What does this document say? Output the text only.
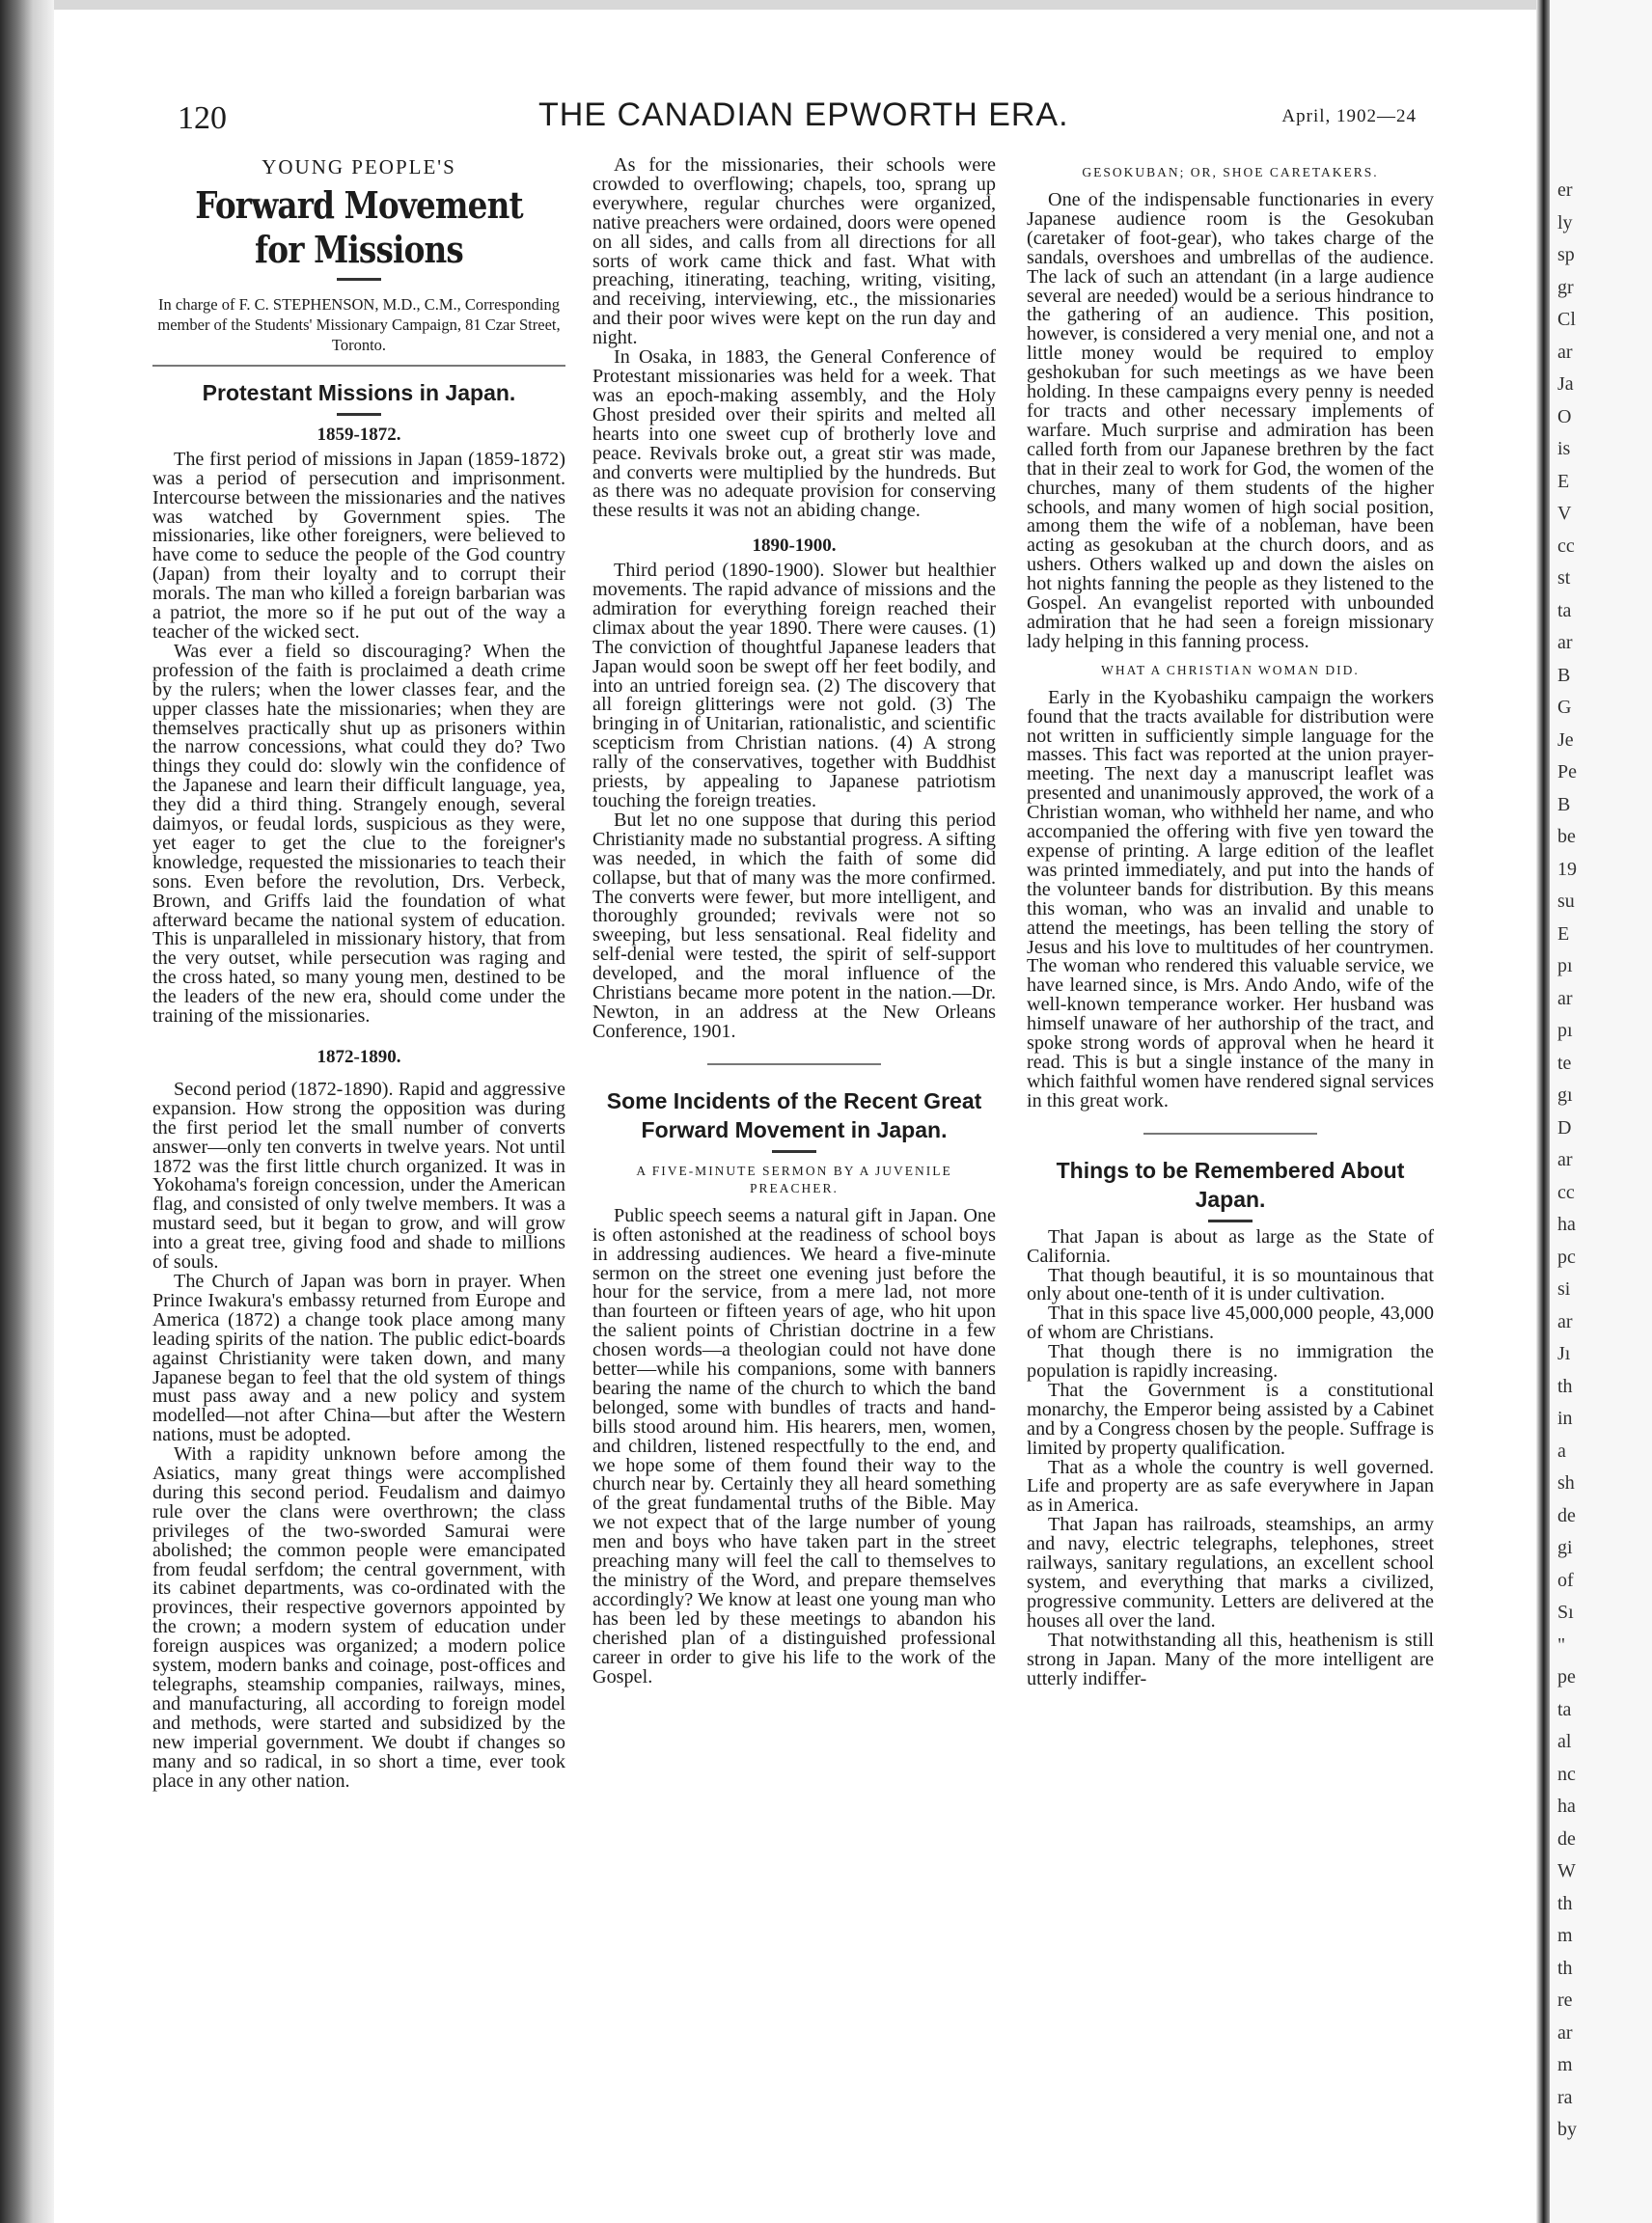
120	THE CANADIAN EPWORTH ERA.	April, 1902—24
YOUNG PEOPLE'S
Forward Movement for Missions
In charge of F. C. STEPHENSON, M.D., C.M., Corresponding member of the Students' Missionary Campaign, 81 Czar Street, Toronto.
Protestant Missions in Japan.
1859-1872.

The first period of missions in Japan (1859-1872) was a period of persecution and imprisonment. Intercourse between the missionaries and the natives was watched by Government spies. The missionaries, like other foreigners, were believed to have come to seduce the people of the God country (Japan) from their loyalty and to corrupt their morals. The man who killed a foreign barbarian was a patriot, the more so if he put out of the way a teacher of the wicked sect.

Was ever a field so discouraging? When the profession of the faith is proclaimed a death crime by the rulers; when the lower classes fear, and the upper classes hate the missionaries; when they are themselves practically shut up as prisoners within the narrow concessions, what could they do? Two things they could do: slowly win the confidence of the Japanese and learn their difficult language, yea, they did a third thing. Strangely enough, several daimyos, or feudal lords, suspicious as they were, yet eager to get the clue to the foreigner's knowledge, requested the missionaries to teach their sons. Even before the revolution, Drs. Verbeck, Brown, and Griffs laid the foundation of what afterward became the national system of education. This is unparalleled in missionary history, that from the very outset, while persecution was raging and the cross hated, so many young men, destined to be the leaders of the new era, should come under the training of the missionaries.

1872-1890.

Second period (1872-1890). Rapid and aggressive expansion. How strong the opposition was during the first period let the small number of converts answer—only ten converts in twelve years. Not until 1872 was the first little church organized. It was in Yokohama's foreign concession, under the American flag, and consisted of only twelve members. It was a mustard seed, but it began to grow, and will grow into a great tree, giving food and shade to millions of souls.

The Church of Japan was born in prayer. When Prince Iwakura's embassy returned from Europe and America (1872) a change took place among many leading spirits of the nation. The public edict-boards against Christianity were taken down, and many Japanese began to feel that the old system of things must pass away and a new policy and system modelled—not after China—but after the Western nations, must be adopted.

With a rapidity unknown before among the Asiatics, many great things were accomplished during this second period. Feudalism and daimyo rule over the clans were overthrown; the class privileges of the two-sworded Samurai were abolished; the common people were emancipated from feudal serfdom; the central government, with its cabinet departments, was co-ordinated with the provinces, their respective governors appointed by the crown; a modern system of education under foreign auspices was organized; a modern police system, modern banks and coinage, post-offices and telegraphs, steamship companies, railways, mines, and manufacturing, all according to foreign model and methods, were started and subsidized by the new imperial government. We doubt if changes so many and so radical, in so short a time, ever took place in any other nation.

As for the missionaries, their schools were crowded to overflowing; chapels, too, sprang up everywhere, regular churches were organized, native preachers were ordained, doors were opened on all sides, and calls from all directions for all sorts of work came thick and fast. What with preaching, itinerating, teaching, writing, visiting, and receiving, interviewing, etc., the missionaries and their poor wives were kept on the run day and night.

In Osaka, in 1883, the General Conference of Protestant missionaries was held for a week. That was an epoch-making assembly, and the Holy Ghost presided over their spirits and melted all hearts into one sweet cup of brotherly love and peace. Revivals broke out, a great stir was made, and converts were multiplied by the hundreds. But as there was no adequate provision for conserving these results it was not an abiding change.

1890-1900.

Third period (1890-1900). Slower but healthier movements. The rapid advance of missions and the admiration for everything foreign reached their climax about the year 1890. There were causes. (1) The conviction of thoughtful Japanese leaders that Japan would soon be swept off her feet bodily, and into an untried foreign sea. (2) The discovery that all foreign glitterings were not gold. (3) The bringing in of Unitarian, rationalistic, and scientific scepticism from Christian nations. (4) A strong rally of the conservatives, together with Buddhist priests, by appealing to Japanese patriotism touching the foreign treaties.

But let no one suppose that during this period Christianity made no substantial progress. A sifting was needed, in which the faith of some did collapse, but that of many was the more confirmed. The converts were fewer, but more intelligent, and thoroughly grounded; revivals were not so sweeping, but less sensational. Real fidelity and self-denial were tested, the spirit of self-support developed, and the moral influence of the Christians became more potent in the nation.—Dr. Newton, in an address at the New Orleans Conference, 1901.

Some Incidents of the Recent Great Forward Movement in Japan.
A FIVE-MINUTE SERMON BY A JUVENILE PREACHER.

Public speech seems a natural gift in Japan. One is often astonished at the readiness of school boys in addressing audiences. We heard a five-minute sermon on the street one evening just before the hour for the service, from a mere lad, not more than fourteen or fifteen years of age, who hit upon the salient points of Christian doctrine in a few chosen words—a theologian could not have done better—while his companions, some with banners bearing the name of the church to which the band belonged, some with bundles of tracts and hand-bills stood around him. His hearers, men, women, and children, listened respectfully to the end, and we hope some of them found their way to the church near by. Certainly they all heard something of the great fundamental truths of the Bible. May we not expect that of the large number of young men and boys who have taken part in the street preaching many will feel the call to themselves to the ministry of the Word, and prepare themselves accordingly? We know at least one young man who has been led by these meetings to abandon his cherished plan of a distinguished professional career in order to give his life to the work of the Gospel.

GESOKUBAN; OR, SHOE CARETAKERS.

One of the indispensable functionaries in every Japanese audience room is the Gesokuban (caretaker of foot-gear), who takes charge of the sandals, overshoes and umbrellas of the audience. The lack of such an attendant (in a large audience several are needed) would be a serious hindrance to the gathering of an audience. This position, however, is considered a very menial one, and not a little money would be required to employ geshokuban for such meetings as we have been holding. In these campaigns every penny is needed for tracts and other necessary implements of warfare. Much surprise and admiration has been called forth from our Japanese brethren by the fact that in their zeal to work for God, the women of the churches, many of them students of the higher schools, and many women of high social position, among them the wife of a nobleman, have been acting as gesokuban at the church doors, and as ushers. Others walked up and down the aisles on hot nights fanning the people as they listened to the Gospel. An evangelist reported with unbounded admiration that he had seen a foreign missionary lady helping in this fanning process.

WHAT A CHRISTIAN WOMAN DID.

Early in the Kyobashiku campaign the workers found that the tracts available for distribution were not written in sufficiently simple language for the masses. This fact was reported at the union prayer-meeting. The next day a manuscript leaflet was presented and unanimously approved, the work of a Christian woman, who withheld her name, and who accompanied the offering with five yen toward the expense of printing. A large edition of the leaflet was printed immediately, and put into the hands of the volunteer bands for distribution. By this means this woman, who was an invalid and unable to attend the meetings, has been telling the story of Jesus and his love to multitudes of her countrymen. The woman who rendered this valuable service, we have learned since, is Mrs. Ando Ando, wife of the well-known temperance worker. Her husband was himself unaware of her authorship of the tract, and spoke strong words of approval when he heard it read. This is but a single instance of the many in which faithful women have rendered signal services in this great work.

Things to be Remembered About Japan.

That Japan is about as large as the State of California.

That though beautiful, it is so mountainous that only about one-tenth of it is under cultivation.

That in this space live 45,000,000 people, 43,000 of whom are Christians.

That though there is no immigration the population is rapidly increasing.

That the Government is a constitutional monarchy, the Emperor being assisted by a Cabinet and by a Congress chosen by the people. Suffrage is limited by property qualification.

That as a whole the country is well governed. Life and property are as safe everywhere in Japan as in America.

That Japan has railroads, steamships, an army and navy, electric telegraphs, telephones, street railways, sanitary regulations, an excellent school system, and everything that marks a civilized, progressive community. Letters are delivered at the houses all over the land.

That notwithstanding all this, heathenism is still strong in Japan. Many of the more intelligent are utterly indiffer-

er
ly
sp
gr
Cl
ar
Ja
O
is
E
V
cc
st
ta
ar
B
G
Je
Pe
B
be
19
su
E
pı
ar
pı
te
gı
D
ar
cc
ha
pc
si
ar
Jı
th
in
a
sh
de
gi
of
Sı
"
pe
ta
al
nc
ha
de
W
th
m
th
re
ar
m
ra
by
